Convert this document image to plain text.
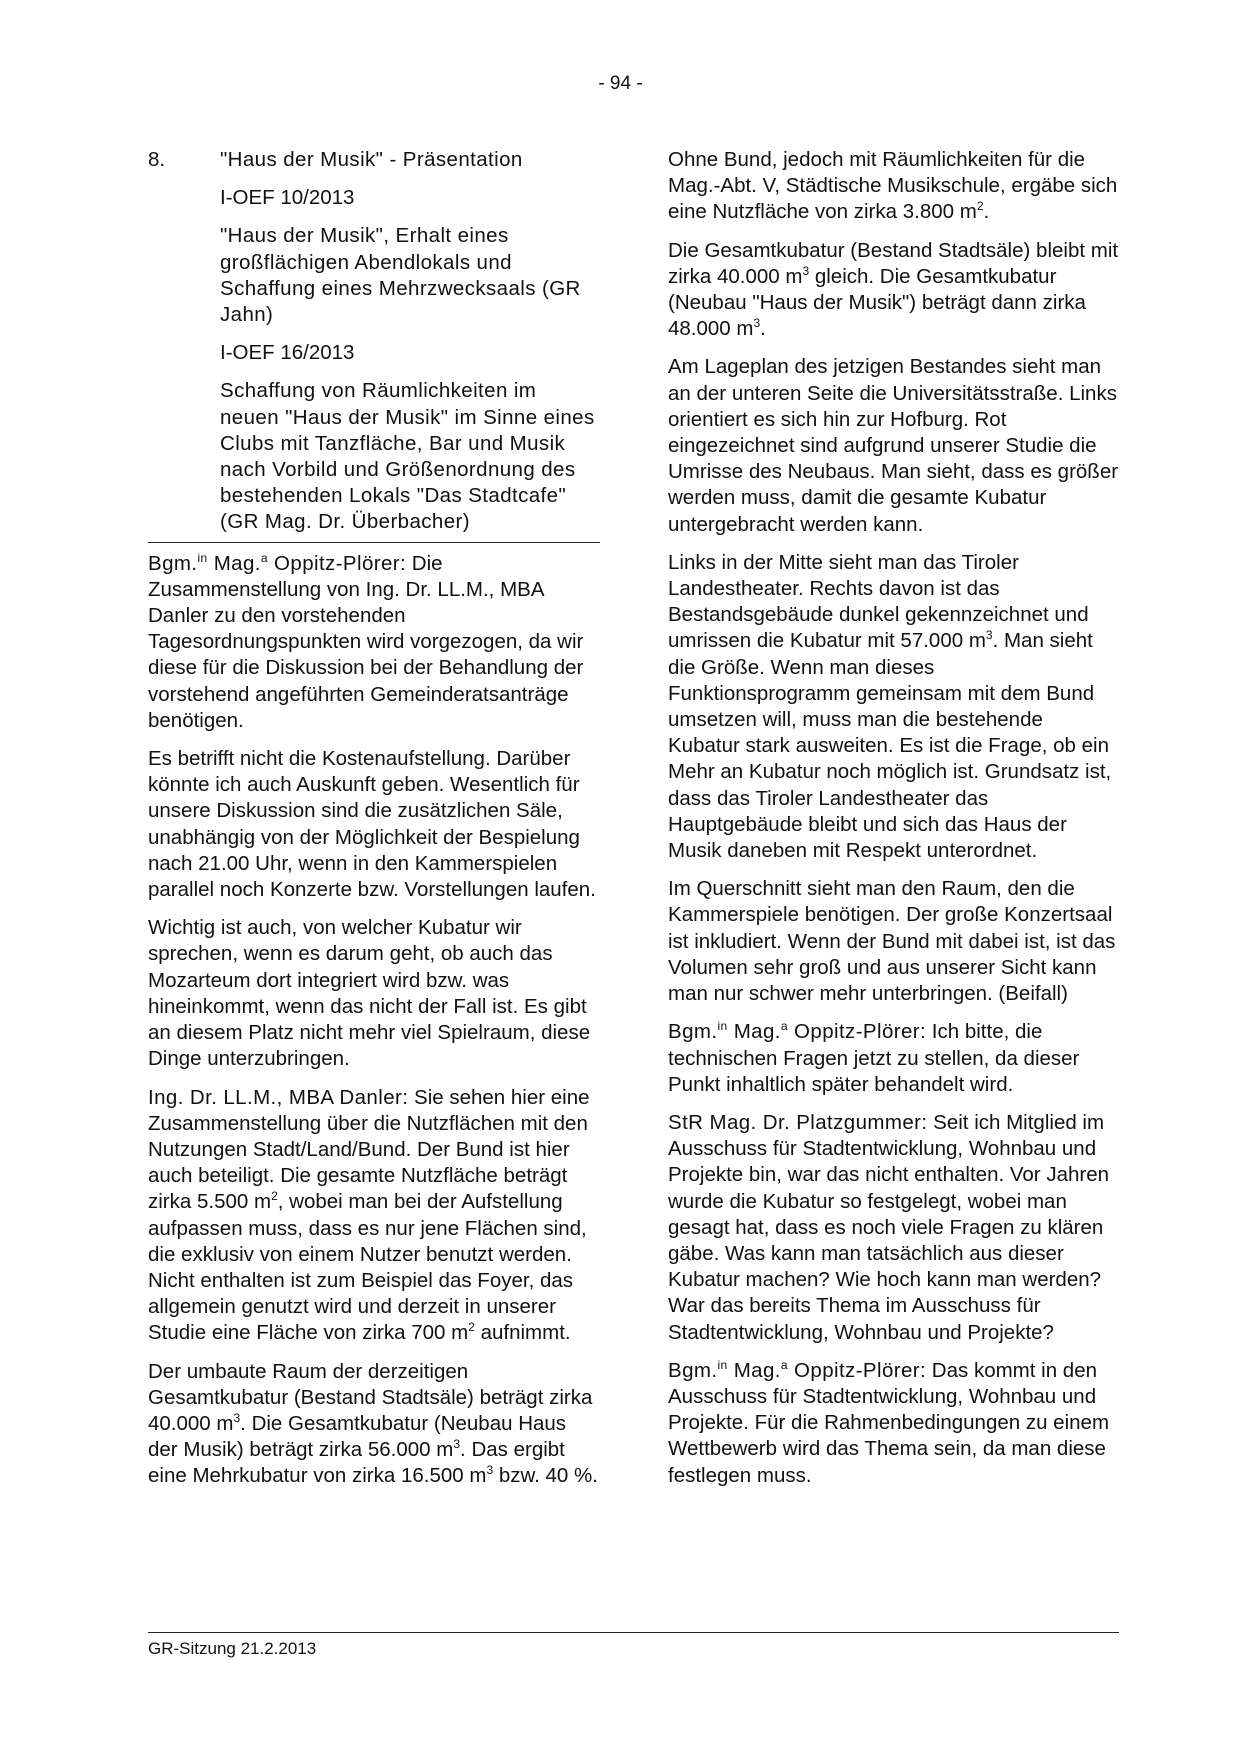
- 94 -
8.	"Haus der Musik" - Präsentation
I-OEF 10/2013
"Haus der Musik", Erhalt eines großflächigen Abendlokals und Schaffung eines Mehrzwecksaals (GR Jahn)
I-OEF 16/2013
Schaffung von Räumlichkeiten im neuen "Haus der Musik" im Sinne eines Clubs mit Tanzfläche, Bar und Musik nach Vorbild und Größenordnung des bestehenden Lokals "Das Stadtcafe" (GR Mag. Dr. Überbacher)

Bgm.$^{in}$ Mag.$^a$ Oppitz-Plörer: Die Zusammenstellung von Ing. Dr. LL.M., MBA Danler zu den vorstehenden Tagesordnungspunkten wird vorgezogen, da wir diese für die Diskussion bei der Behandlung der vorstehend angeführten Gemeinderatsanträge benötigen.

Es betrifft nicht die Kostenaufstellung. Darüber könnte ich auch Auskunft geben. Wesentlich für unsere Diskussion sind die zusätzlichen Säle, unabhängig von der Möglichkeit der Bespielung nach 21.00 Uhr, wenn in den Kammerspielen parallel noch Konzerte bzw. Vorstellungen laufen.

Wichtig ist auch, von welcher Kubatur wir sprechen, wenn es darum geht, ob auch das Mozarteum dort integriert wird bzw. was hineinkommt, wenn das nicht der Fall ist. Es gibt an diesem Platz nicht mehr viel Spielraum, diese Dinge unterzubringen.

Ing. Dr. LL.M., MBA Danler: Sie sehen hier eine Zusammenstellung über die Nutzflächen mit den Nutzungen Stadt/Land/Bund. Der Bund ist hier auch beteiligt. Die gesamte Nutzfläche beträgt zirka 5.500 $m^2$, wobei man bei der Aufstellung aufpassen muss, dass es nur jene Flächen sind, die exklusiv von einem Nutzer benutzt werden. Nicht enthalten ist zum Beispiel das Foyer, das allgemein genutzt wird und derzeit in unserer Studie eine Fläche von zirka 700 $m^2$ aufnimmt.

Der umbaute Raum der derzeitigen Gesamtkubatur (Bestand Stadtsäle) beträgt zirka 40.000 $m^3$. Die Gesamtkubatur (Neubau Haus der Musik) beträgt zirka 56.000 $m^3$. Das ergibt eine Mehrkubatur von zirka 16.500 $m^3$ bzw. 40 %.

Ohne Bund, jedoch mit Räumlichkeiten für die Mag.-Abt. V, Städtische Musikschule, ergäbe sich eine Nutzfläche von zirka 3.800 $m^2$.

Die Gesamtkubatur (Bestand Stadtsäle) bleibt mit zirka 40.000 $m^3$ gleich. Die Gesamtkubatur (Neubau "Haus der Musik") beträgt dann zirka 48.000 $m^3$.

Am Lageplan des jetzigen Bestandes sieht man an der unteren Seite die Universitätsstraße. Links orientiert es sich hin zur Hofburg. Rot eingezeichnet sind aufgrund unserer Studie die Umrisse des Neubaus. Man sieht, dass es größer werden muss, damit die gesamte Kubatur untergebracht werden kann.

Links in der Mitte sieht man das Tiroler Landestheater. Rechts davon ist das Bestandsgebäude dunkel gekennzeichnet und umrissen die Kubatur mit 57.000 $m^3$. Man sieht die Größe. Wenn man dieses Funktionsprogramm gemeinsam mit dem Bund umsetzen will, muss man die bestehende Kubatur stark ausweiten. Es ist die Frage, ob ein Mehr an Kubatur noch möglich ist. Grundsatz ist, dass das Tiroler Landestheater das Hauptgebäude bleibt und sich das Haus der Musik daneben mit Respekt unterordnet.

Im Querschnitt sieht man den Raum, den die Kammerspiele benötigen. Der große Konzertsaal ist inkludiert. Wenn der Bund mit dabei ist, ist das Volumen sehr groß und aus unserer Sicht kann man nur schwer mehr unterbringen. (Beifall)

Bgm.$^{in}$ Mag.$^a$ Oppitz-Plörer: Ich bitte, die technischen Fragen jetzt zu stellen, da dieser Punkt inhaltlich später behandelt wird.

StR Mag. Dr. Platzgummer: Seit ich Mitglied im Ausschuss für Stadtentwicklung, Wohnbau und Projekte bin, war das nicht enthalten. Vor Jahren wurde die Kubatur so festgelegt, wobei man gesagt hat, dass es noch viele Fragen zu klären gäbe. Was kann man tatsächlich aus dieser Kubatur machen? Wie hoch kann man werden? War das bereits Thema im Ausschuss für Stadtentwicklung, Wohnbau und Projekte?

Bgm.$^{in}$ Mag.$^a$ Oppitz-Plörer: Das kommt in den Ausschuss für Stadtentwicklung, Wohnbau und Projekte. Für die Rahmenbedingungen zu einem Wettbewerb wird das Thema sein, da man diese festlegen muss.

GR-Sitzung 21.2.2013
